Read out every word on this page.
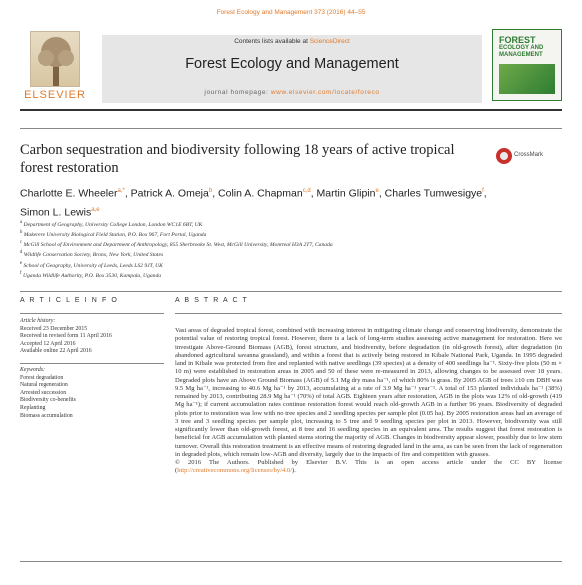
Forest Ecology and Management 373 (2016) 44–55
ELSEVIER
Contents lists available at ScienceDirect
Forest Ecology and Management
journal homepage: www.elsevier.com/locate/foreco
FOREST
ECOLOGY AND
MANAGEMENT
Carbon sequestration and biodiversity following 18 years of active tropical forest restoration
CrossMark
Charlotte E. Wheeler$^{a,*}$, Patrick A. Omeja$^b$, Colin A. Chapman$^{c,d}$, Martin Glipin$^e$, Charles Tumwesigye$^f$,
Simon L. Lewis$^{a,e}$
$^a$ Department of Geography, University College London, London WC1E 6BT, UK
$^b$ Makerere University Biological Field Station, P.O. Box 967, Fort Portal, Uganda
$^c$ McGill School of Environment and Department of Anthropology, 855 Sherbrooke St. West, McGill University, Montreal H3A 2T7, Canada
$^d$ Wildlife Conservation Society, Bronx, New York, United States
$^e$ School of Geography, University of Leeds, Leeds LS2 9JT, UK
$^f$ Uganda Wildlife Authority, P.O. Box 3530, Kampala, Uganda
A R T I C L E I N F O	A B S T R A C T
Article history:
Received 23 December 2015
Received in revised form 11 April 2016
Accepted 12 April 2016
Available online 22 April 2016
Keywords:
Forest degradation
Natural regeneration
Arrested succession
Biodiversity co-benefits
Replanting
Biomass accumulation

Vast areas of degraded tropical forest, combined with increasing interest in mitigating climate change and conserving biodiversity, demonstrate the potential value of restoring tropical forest. However, there is a lack of long-term studies assessing active management for restoration. Here we investigate Above-Ground Biomass (AGB), forest structure, and biodiversity, before degradation (in old-growth forest), after degradation (in abandoned agricultural savanna grassland), and within a forest that is actively being restored in Kibale National Park, Uganda. In 1995 degraded land in Kibale was protected from fire and replanted with native seedlings (39 species) at a density of 400 seedlings ha⁻¹. Sixty-five plots (50 m × 10 m) were established in restoration areas in 2005 and 50 of these were re-measured in 2013, allowing changes to be assessed over 18 years. Degraded plots have an Above Ground Biomass (AGB) of 5.1 Mg dry mass ha⁻¹, of which 80% is grass. By 2005 AGB of trees ≥10 cm DBH was 9.5 Mg ha⁻¹, increasing to 40.6 Mg ha⁻¹ by 2013, accumulating at a rate of 3.9 Mg ha⁻¹ year⁻¹. A total of 153 planted individuals ha⁻¹ (38%) remained by 2013, contributing 28.9 Mg ha⁻¹ (70%) of total AGB. Eighteen years after restoration, AGB in the plots was 12% of old-growth (419 Mg ha⁻¹); if current accumulation rates continue restoration forest would reach old-growth AGB in a further 96 years. Biodiversity of degraded plots prior to restoration was low with no tree species and 2 seedling species per sample plot (0.05 ha). By 2005 restoration areas had an average of 3 tree and 3 seedling species per sample plot, increasing to 5 tree and 9 seedling species per plot in 2013. However, biodiversity was still significantly lower than old-growth forest, at 8 tree and 16 seedling species in an equivalent area. The results suggest that forest restoration is beneficial for AGB accumulation with planted stems storing the majority of AGB. Changes in biodiversity appear slower, possibly due to low stem turnover. Overall this restoration treatment is an effective means of restoring degraded land in the area, as can be seen from the lack of regeneration in degraded plots, which remain low-AGB and diversity, largely due to the impacts of fire and competition with grasses.

© 2016 The Authors. Published by Elsevier B.V. This is an open access article under the CC BY license (http://creativecommons.org/licenses/by/4.0/).
